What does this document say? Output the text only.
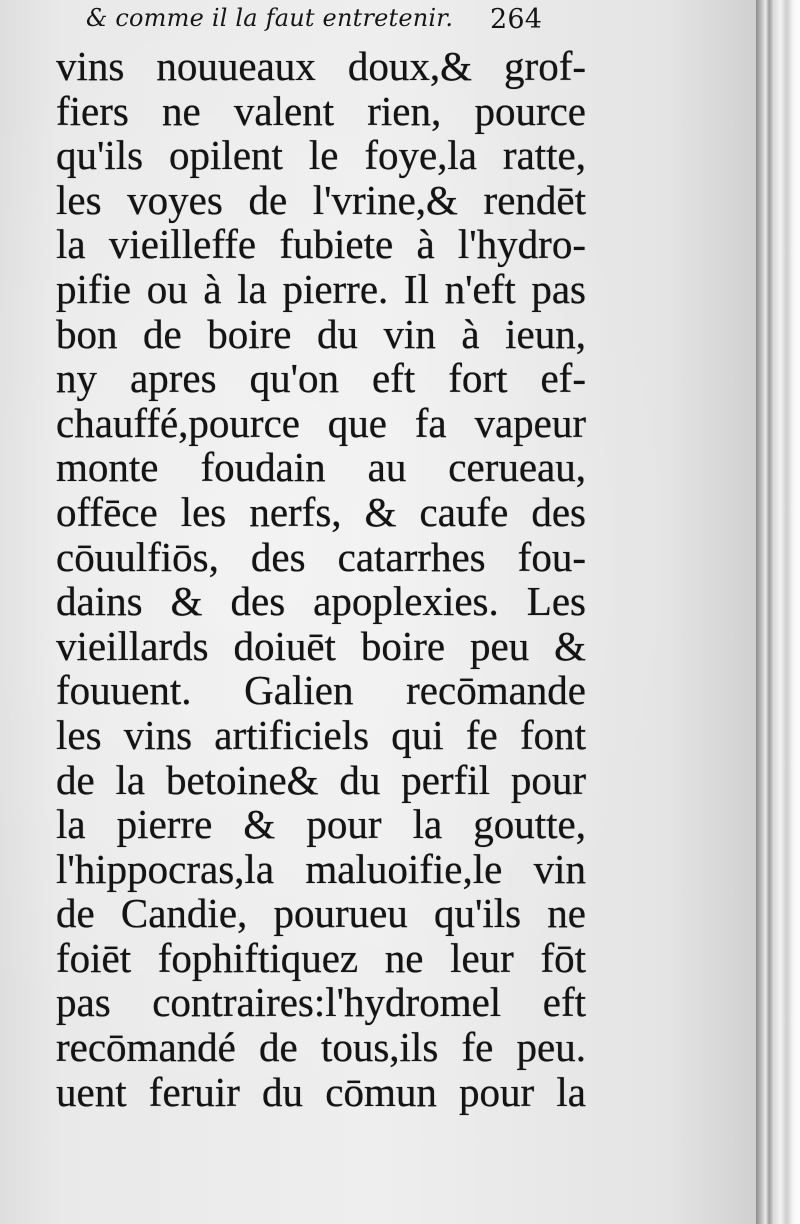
& comme il la faut entretenir. 264
vins nouueaux doux,& grof-
fiers ne valent rien, pource
qu'ils opilent le foye,la ratte,
les voyes de l'vrine,& rendēt
la vieilleffe fubiete à l'hydro-
pifie ou à la pierre. Il n'eft pas
bon de boire du vin à ieun,
ny apres qu'on eft fort ef-
chauffé,pource que fa vapeur
monte foudain au cerueau,
offēce les nerfs, & caufe des
cōuulfiōs, des catarrhes fou-
dains & des apoplexies. Les
vieillards doiuēt boire peu &
fouuent. Galien recōmande
les vins artificiels qui fe font
de la betoine& du perfil pour
la pierre & pour la goutte,
l'hippocras,la maluoifie,le vin
de Candie, pourueu qu'ils ne
foiēt fophiftiquez ne leur fōt
pas contraires:l'hydromel eft
recōmandé de tous,ils fe peu.
uent feruir du cōmun pour la
